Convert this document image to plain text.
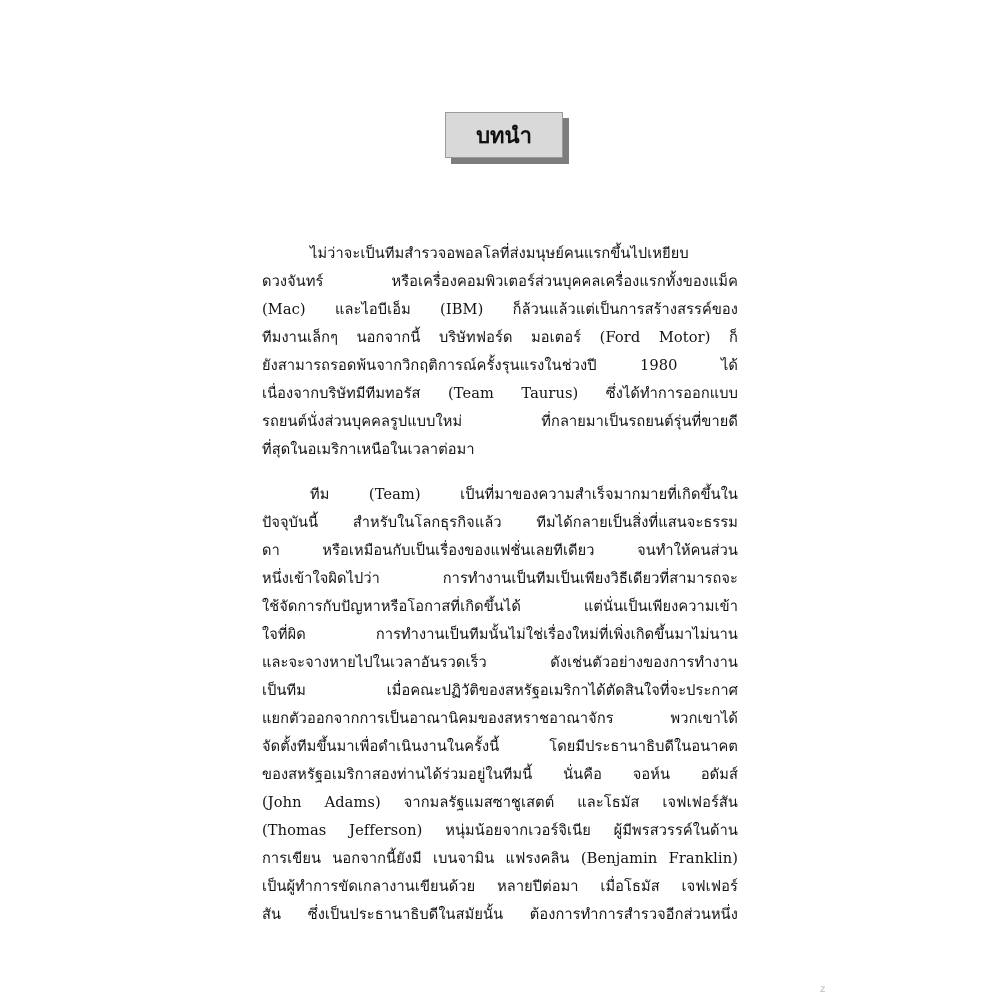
บทนำ

ไม่ว่าจะเป็นทีมสำรวจอพอลโลที่ส่งมนุษย์คนแรกขึ้นไปเหยียบ
ดวงจันทร์ หรือเครื่องคอมพิวเตอร์ส่วนบุคคลเครื่องแรกทั้งของแม็ค
(Mac) และไอบีเอ็ม (IBM) ก็ล้วนแล้วแต่เป็นการสร้างสรรค์ของ
ทีมงานเล็กๆ นอกจากนี้ บริษัทฟอร์ด มอเตอร์ (Ford Motor) ก็
ยังสามารถรอดพ้นจากวิกฤติการณ์ครั้งรุนแรงในช่วงปี 1980 ได้
เนื่องจากบริษัทมีทีมทอรัส (Team Taurus) ซึ่งได้ทำการออกแบบ
รถยนต์นั่งส่วนบุคคลรูปแบบใหม่ ที่กลายมาเป็นรถยนต์รุ่นที่ขายดี
ที่สุดในอเมริกาเหนือในเวลาต่อมา

ทีม (Team) เป็นที่มาของความสำเร็จมากมายที่เกิดขึ้นใน
ปัจจุบันนี้ สำหรับในโลกธุรกิจแล้ว ทีมได้กลายเป็นสิ่งที่แสนจะธรรม
ดา หรือเหมือนกับเป็นเรื่องของแฟชั่นเลยทีเดียว จนทำให้คนส่วน
หนึ่งเข้าใจผิดไปว่า การทำงานเป็นทีมเป็นเพียงวิธีเดียวที่สามารถจะ
ใช้จัดการกับปัญหาหรือโอกาสที่เกิดขึ้นได้ แต่นั่นเป็นเพียงความเข้า
ใจที่ผิด การทำงานเป็นทีมนั้นไม่ใช่เรื่องใหม่ที่เพิ่งเกิดขึ้นมาไม่นาน
และจะจางหายไปในเวลาอันรวดเร็ว ดังเช่นตัวอย่างของการทำงาน
เป็นทีม เมื่อคณะปฏิวัติของสหรัฐอเมริกาได้ตัดสินใจที่จะประกาศ
แยกตัวออกจากการเป็นอาณานิคมของสหราชอาณาจักร พวกเขาได้
จัดตั้งทีมขึ้นมาเพื่อดำเนินงานในครั้งนี้ โดยมีประธานาธิบดีในอนาคต
ของสหรัฐอเมริกาสองท่านได้ร่วมอยู่ในทีมนี้ นั่นคือ จอห์น อดัมส์
(John Adams) จากมลรัฐแมสซาชูเสตต์ และโธมัส เจฟเฟอร์สัน
(Thomas Jefferson) หนุ่มน้อยจากเวอร์จิเนีย ผู้มีพรสวรรค์ในด้าน
การเขียน นอกจากนี้ยังมี เบนจามิน แฟรงคลิน (Benjamin Franklin)
เป็นผู้ทำการขัดเกลางานเขียนด้วย หลายปีต่อมา เมื่อโธมัส เจฟเฟอร์
สัน ซึ่งเป็นประธานาธิบดีในสมัยนั้น ต้องการทำการสำรวจอีกส่วนหนึ่ง

z
